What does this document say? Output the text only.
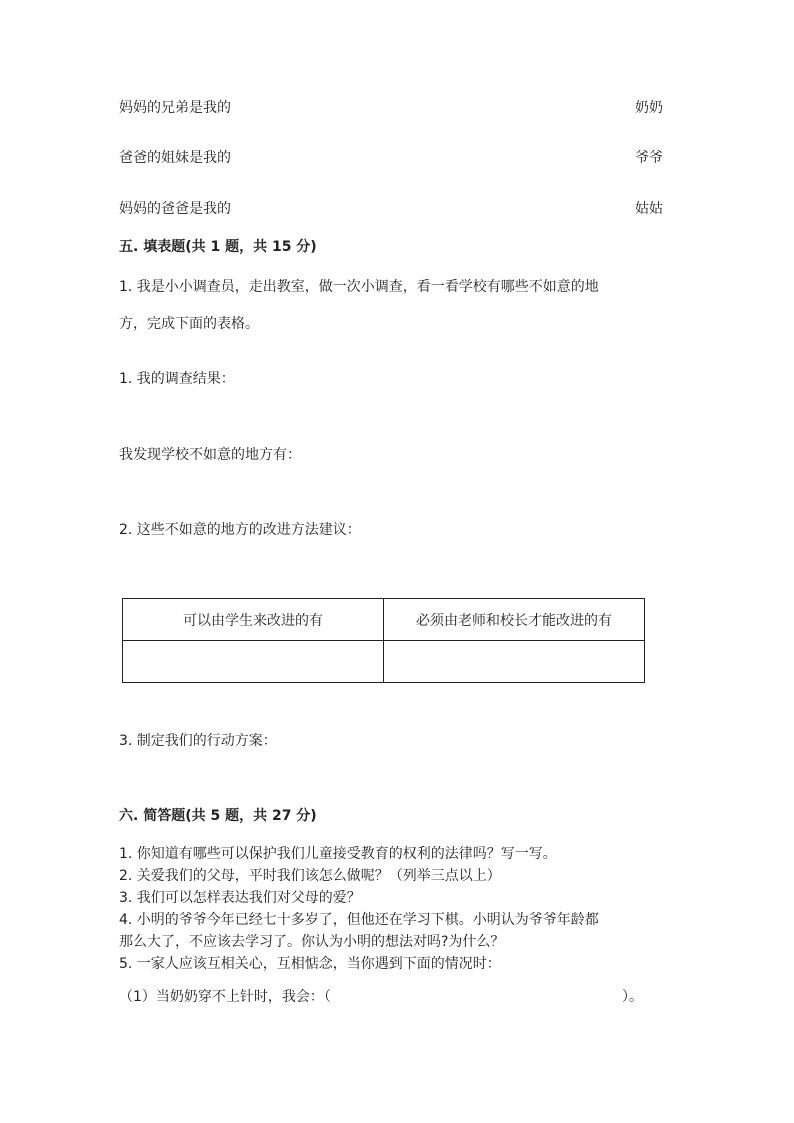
妈妈的兄弟是我的	奶奶
爸爸的姐妹是我的	爷爷
妈妈的爸爸是我的	姑姑
五. 填表题(共 1 题，共 15 分)
1. 我是小小调查员，走出教室，做一次小调查，看一看学校有哪些不如意的地
方，完成下面的表格。
1. 我的调查结果：
我发现学校不如意的地方有：
2. 这些不如意的地方的改进方法建议：
可以由学生来改进的有	必须由老师和校长才能改进的有

3. 制定我们的行动方案：
六. 简答题(共 5 题，共 27 分)
1. 你知道有哪些可以保护我们儿童接受教育的权利的法律吗？写一写。
2. 关爱我们的父母，平时我们该怎么做呢？（列举三点以上）
3. 我们可以怎样表达我们对父母的爱？
4. 小明的爷爷今年已经七十多岁了，但他还在学习下棋。小明认为爷爷年龄都
那么大了，不应该去学习了。你认为小明的想法对吗?为什么？
5. 一家人应该互相关心，互相惦念，当你遇到下面的情况时：
（1）当奶奶穿不上针时，我会：（	）。
